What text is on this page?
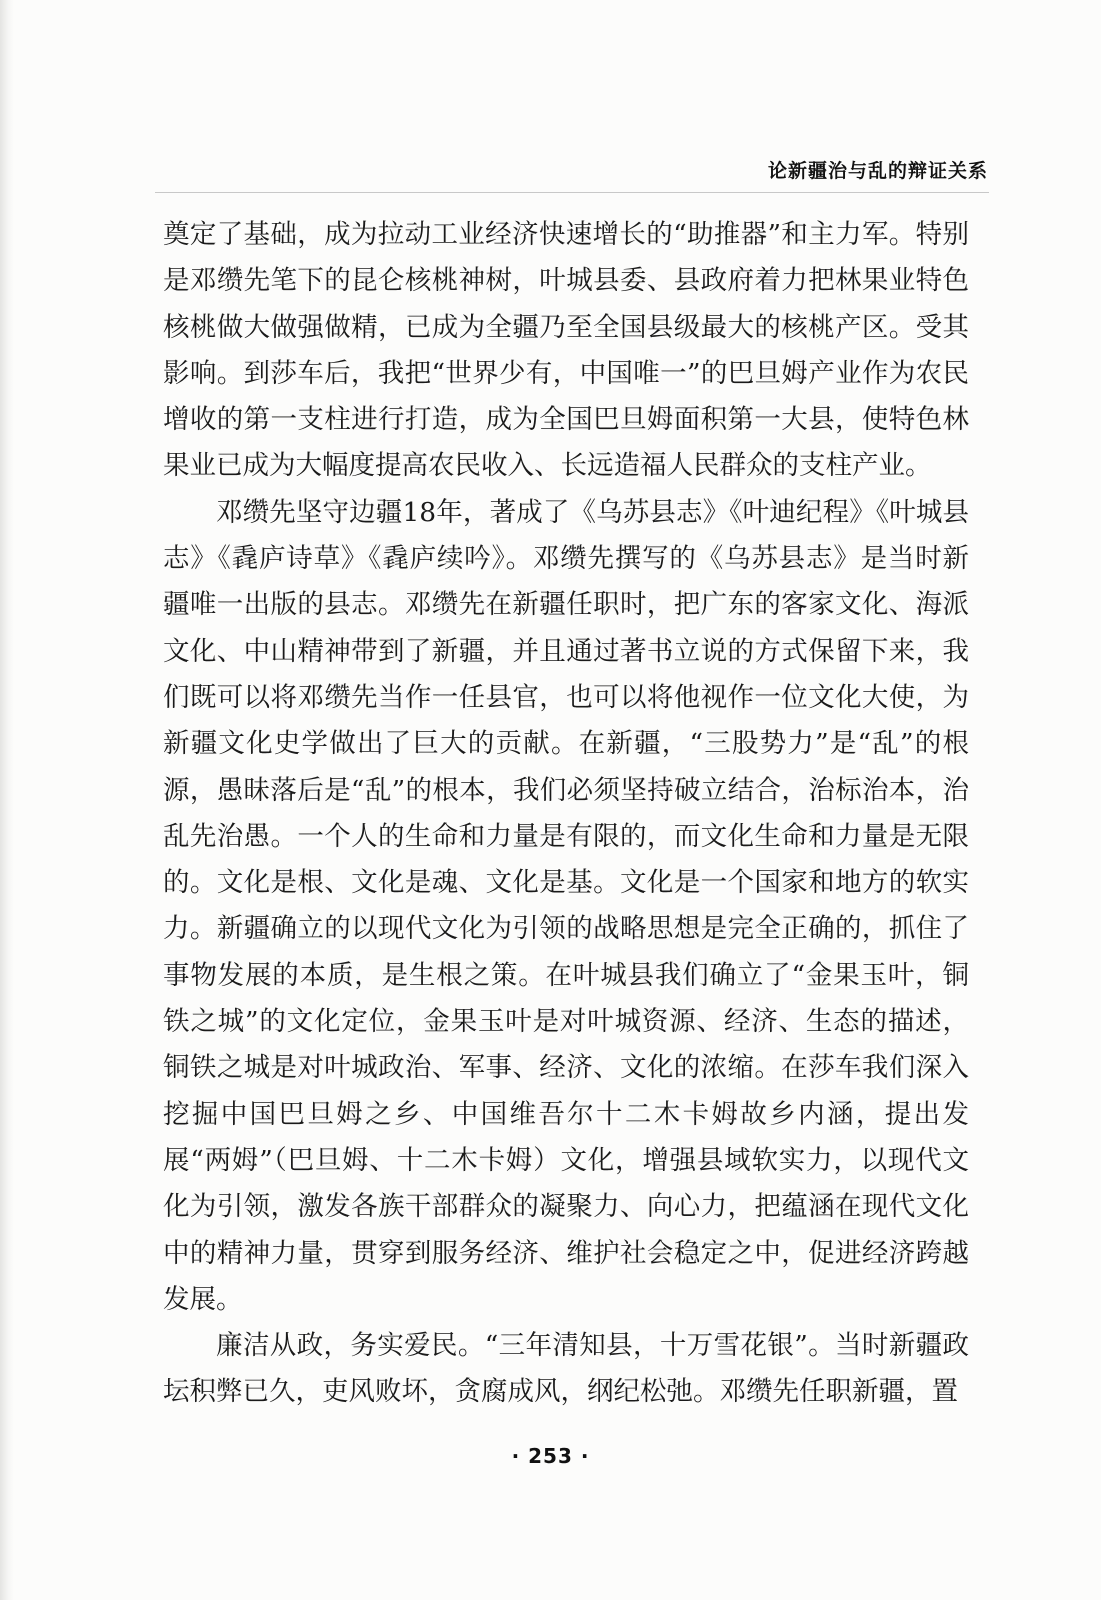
论新疆治与乱的辩证关系

奠定了基础，成为拉动工业经济快速增长的“助推器”和主力军。特别是邓缵先笔下的昆仑核桃神树，叶城县委、县政府着力把林果业特色核桃做大做强做精，已成为全疆乃至全国县级最大的核桃产区。受其影响。到莎车后，我把“世界少有，中国唯一”的巴旦姆产业作为农民增收的第一支柱进行打造，成为全国巴旦姆面积第一大县，使特色林果业已成为大幅度提高农民收入、长远造福人民群众的支柱产业。

邓缵先坚守边疆18年，著成了《乌苏县志》《叶迪纪程》《叶城县志》《毳庐诗草》《毳庐续吟》。邓缵先撰写的《乌苏县志》是当时新疆唯一出版的县志。邓缵先在新疆任职时，把广东的客家文化、海派文化、中山精神带到了新疆，并且通过著书立说的方式保留下来，我们既可以将邓缵先当作一任县官，也可以将他视作一位文化大使，为新疆文化史学做出了巨大的贡献。在新疆，“三股势力”是“乱”的根源，愚昧落后是“乱”的根本，我们必须坚持破立结合，治标治本，治乱先治愚。一个人的生命和力量是有限的，而文化生命和力量是无限的。文化是根、文化是魂、文化是基。文化是一个国家和地方的软实力。新疆确立的以现代文化为引领的战略思想是完全正确的，抓住了事物发展的本质，是生根之策。在叶城县我们确立了“金果玉叶，铜铁之城”的文化定位，金果玉叶是对叶城资源、经济、生态的描述，铜铁之城是对叶城政治、军事、经济、文化的浓缩。在莎车我们深入挖掘中国巴旦姆之乡、中国维吾尔十二木卡姆故乡内涵，提出发展“两姆”（巴旦姆、十二木卡姆）文化，增强县域软实力，以现代文化为引领，激发各族干部群众的凝聚力、向心力，把蕴涵在现代文化中的精神力量，贯穿到服务经济、维护社会稳定之中，促进经济跨越发展。

廉洁从政，务实爱民。“三年清知县，十万雪花银”。当时新疆政坛积弊已久，吏风败坏，贪腐成风，纲纪松弛。邓缵先任职新疆，置

· 253 ·
